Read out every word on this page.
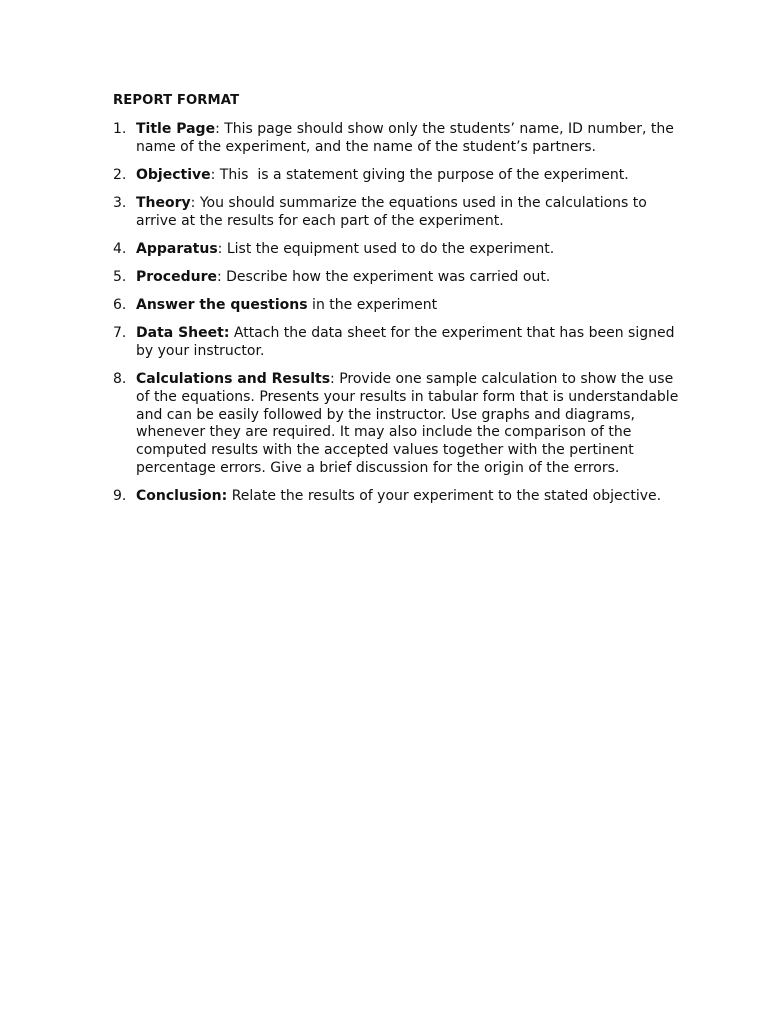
REPORT FORMAT
1. Title Page: This page should show only the students’ name, ID number, the name of the experiment, and the name of the student’s partners.
2. Objective: This  is a statement giving the purpose of the experiment.
3. Theory: You should summarize the equations used in the calculations to arrive at the results for each part of the experiment.
4. Apparatus: List the equipment used to do the experiment.
5. Procedure: Describe how the experiment was carried out.
6. Answer the questions in the experiment
7. Data Sheet: Attach the data sheet for the experiment that has been signed by your instructor.
8. Calculations and Results: Provide one sample calculation to show the use of the equations. Presents your results in tabular form that is understandable and can be easily followed by the instructor. Use graphs and diagrams, whenever they are required. It may also include the comparison of the computed results with the accepted values together with the pertinent percentage errors. Give a brief discussion for the origin of the errors.
9. Conclusion: Relate the results of your experiment to the stated objective.
